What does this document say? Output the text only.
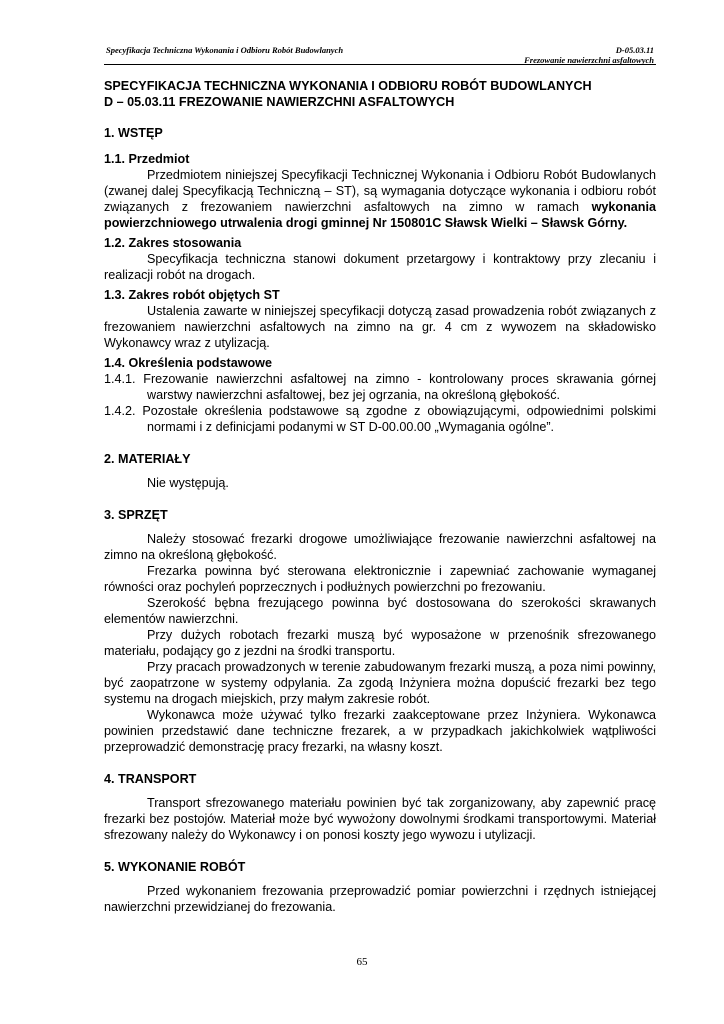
Specyfikacja Techniczna Wykonania i Odbioru Robót Budowlanych	D-05.03.11
Frezowanie nawierzchni asfaltowych
SPECYFIKACJA TECHNICZNA WYKONANIA I ODBIORU ROBÓT BUDOWLANYCH
D – 05.03.11 FREZOWANIE NAWIERZCHNI ASFALTOWYCH
1. WSTĘP
1.1. Przedmiot

Przedmiotem niniejszej Specyfikacji Technicznej Wykonania i Odbioru Robót Budowlanych (zwanej dalej Specyfikacją Techniczną – ST), są wymagania dotyczące wykonania i odbioru robót związanych z frezowaniem nawierzchni asfaltowych na zimno w ramach wykonania powierzchniowego utrwalenia drogi gminnej Nr 150801C Sławsk Wielki – Sławsk Górny.

1.2. Zakres stosowania

Specyfikacja techniczna stanowi dokument przetargowy i kontraktowy przy zlecaniu i realizacji robót na drogach.

1.3. Zakres robót objętych ST

Ustalenia zawarte w niniejszej specyfikacji dotyczą zasad prowadzenia robót związanych z frezowaniem nawierzchni asfaltowych na zimno na gr. 4 cm z wywozem na składowisko Wykonawcy wraz z utylizacją.

1.4. Określenia podstawowe

1.4.1. Frezowanie nawierzchni asfaltowej na zimno - kontrolowany proces skrawania górnej warstwy nawierzchni asfaltowej, bez jej ogrzania, na określoną głębokość.

1.4.2. Pozostałe określenia podstawowe są zgodne z obowiązującymi, odpowiednimi polskimi normami i z definicjami podanymi w ST D-00.00.00 „Wymagania ogólne”.

2. MATERIAŁY

Nie występują.

3. SPRZĘT

Należy stosować frezarki drogowe umożliwiające frezowanie nawierzchni asfaltowej na zimno na określoną głębokość.

Frezarka powinna być sterowana elektronicznie i zapewniać zachowanie wymaganej równości oraz pochyleń poprzecznych i podłużnych powierzchni po frezowaniu.

Szerokość bębna frezującego powinna być dostosowana do szerokości skrawanych elementów nawierzchni.

Przy dużych robotach frezarki muszą być wyposażone w przenośnik sfrezowanego materiału, podający go z jezdni na środki transportu.

Przy pracach prowadzonych w terenie zabudowanym frezarki muszą, a poza nimi powinny, być zaopatrzone w systemy odpylania. Za zgodą Inżyniera można dopuścić frezarki bez tego systemu na drogach miejskich, przy małym zakresie robót.

Wykonawca może używać tylko frezarki zaakceptowane przez Inżyniera. Wykonawca powinien przedstawić dane techniczne frezarek, a w przypadkach jakichkolwiek wątpliwości przeprowadzić demonstrację pracy frezarki, na własny koszt.

4. TRANSPORT

Transport sfrezowanego materiału powinien być tak zorganizowany, aby zapewnić pracę frezarki bez postojów. Materiał może być wywożony dowolnymi środkami transportowymi. Materiał sfrezowany należy do Wykonawcy i on ponosi koszty jego wywozu i utylizacji.

5. WYKONANIE ROBÓT

Przed wykonaniem frezowania przeprowadzić pomiar powierzchni i rzędnych istniejącej nawierzchni przewidzianej do frezowania.

65
